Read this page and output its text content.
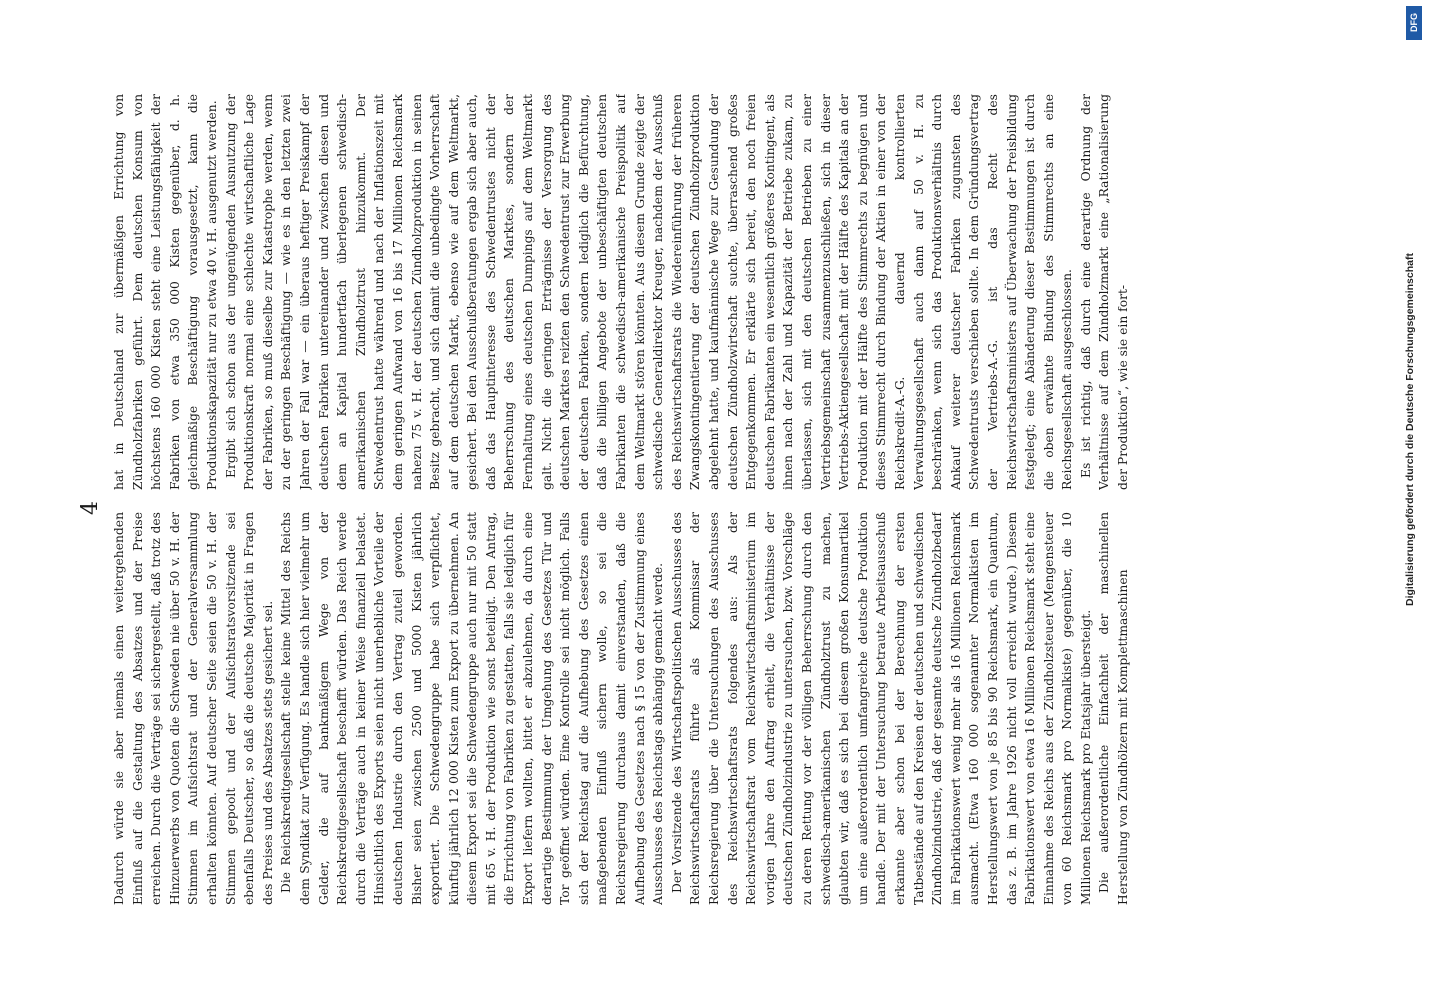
4

Dadurch würde sie aber niemals einen weitergehenden Einfluß auf die Gestaltung des Absatzes und der Preise erreichen. Durch die Verträge sei sichergestellt, daß trotz des Hinzuerwerbs von Quoten die Schweden nie über 50 v. H. der Stimmen im Aufsichtsrat und der Generalversammlung erhalten könnten. Auf deutscher Seite seien die 50 v. H. der Stimmen gepoolt und der Aufsichtsratsvorsitzende sei ebenfalls Deutscher, so daß die deutsche Majorität in Fragen des Preises und des Absatzes stets gesichert sei. Die Reichskreditgesellschaft stelle keine Mittel des Reichs dem Syndikat zur Verfügung. Es handle sich hier vielmehr um Gelder, die auf bankmäßigem Wege von der Reichskreditgesellschaft beschafft würden. Das Reich werde durch die Verträge auch in keiner Weise finanziell belastet. Hinsichtlich des Exports seien nicht unerhebliche Vorteile der deutschen Industrie durch den Vertrag zuteil geworden. Bisher seien zwischen 2500 und 5000 Kisten jährlich exportiert. Die Schwedengruppe habe sich verpflichtet, künftig jährlich 12 000 Kisten zum Export zu übernehmen. An diesem Export sei die Schwedengruppe auch nur mit 50 statt mit 65 v. H. der Produktion wie sonst beteiligt. Den Antrag, die Errichtung von Fabriken zu gestatten, falls sie lediglich für Export liefern wollten, bittet er abzulehnen, da durch eine derartige Bestimmung der Umgehung des Gesetzes Tür und Tor geöffnet würden. Eine Kontrolle sei nicht möglich. Falls sich der Reichstag auf die Aufhebung des Gesetzes einen maßgebenden Einfluß sichern wolle, so sei die Reichsregierung durchaus damit einverstanden, daß die Aufhebung des Gesetzes nach § 15 von der Zustimmung eines Ausschusses des Reichstags abhängig gemacht werde. Der Vorsitzende des Wirtschaftspolitischen Ausschusses des Reichswirtschaftsrats führte als Kommissar der Reichsregierung über die Untersuchungen des Ausschusses des Reichswirtschaftsrats folgendes aus: Als der Reichswirtschaftsrat vom Reichswirtschaftsministerium im vorigen Jahre den Auftrag erhielt, die Verhältnisse der deutschen Zündholzindustrie zu untersuchen, bzw. Vorschläge zu deren Rettung vor der völligen Beherrschung durch den schwedisch-amerikanischen Zündholztrust zu machen, glaubten wir, daß es sich bei diesem großen Konsumartikel um eine außerordentlich umfangreiche deutsche Produktion handle. Der mit der Untersuchung betraute Arbeitsausschuß erkannte aber schon bei der Berechnung der ersten Tatbestände auf den Kreisen der deutschen und schwedischen Zündholzindustrie, daß der gesamte deutsche Zündholzbedarf im Fabrikationswert wenig mehr als 16 Millionen Reichsmark ausmacht. (Etwa 160 000 sogenannter Normalkisten im Herstellungswert von je 85 bis 90 Reichsmark, ein Quantum, das z. B. im Jahre 1926 nicht voll erreicht wurde.) Diesem Fabrikationswert von etwa 16 Millionen Reichsmark steht eine Einnahme des Reichs aus der Zündholzsteuer (Mengensteuer von 60 Reichsmark pro Normalkiste) gegenüber, die 10 Millionen Reichsmark pro Etatsjahr übersteigt. Die außerordentliche Einfachheit der maschinellen Herstellung von Zündhölzern mit Komplettmaschinen

hat in Deutschland zur übermäßigen Errichtung von Zündholzfabriken geführt. Dem deutschen Konsum von höchstens 160 000 Kisten steht eine Leistungsfähigkeit der Fabriken von etwa 350 000 Kisten gegenüber, d. h. gleichmäßige Beschäftigung vorausgesetzt, kann die Produktionskapazität nur zu etwa 40 v. H. ausgenutzt werden. Ergibt sich schon aus der ungenügenden Ausnutzung der Produktionskraft normal eine schlechte wirtschaftliche Lage der Fabriken, so muß dieselbe zur Katastrophe werden, wenn zu der geringen Beschäftigung — wie es in den letzten zwei Jahren der Fall war — ein überaus heftiger Preiskampf der deutschen Fabriken untereinander und zwischen diesen und dem an Kapital hundertfach überlegenen schwedisch-amerikanischen Zündholztrust hinzukommt. Der Schwedentrust hatte während und nach der Inflationszeit mit dem geringen Aufwand von 16 bis 17 Millionen Reichsmark nahezu 75 v. H. der deutschen Zündholzproduktion in seinen Besitz gebracht, und sich damit die unbedingte Vorherrschaft auf dem deutschen Markt, ebenso wie auf dem Weltmarkt, gesichert. Bei den Ausschußberatungen ergab sich aber auch, daß das Hauptinteresse des Schwedentrustes nicht der Beherrschung des deutschen Marktes, sondern der Fernhaltung eines deutschen Dumpings auf dem Weltmarkt galt. Nicht die geringen Erträgnisse der Versorgung des deutschen Marktes reizten den Schwedentrust zur Erwerbung der deutschen Fabriken, sondern lediglich die Befürchtung, daß die billigen Angebote der unbeschäftigten deutschen Fabrikanten die schwedisch-amerikanische Preispolitik auf dem Weltmarkt stören könnten. Aus diesem Grunde zeigte der schwedische Generaldirektor Kreuger, nachdem der Ausschuß des Reichswirtschaftsrats die Wiedereinführung der früheren Zwangskontingentierung der deutschen Zündholzproduktion abgelehnt hatte, und kaufmännische Wege zur Gesundung der deutschen Zündholzwirtschaft suchte, überraschend großes Entgegenkommen. Er erklärte sich bereit, den noch freien deutschen Fabrikanten ein wesentlich größeres Kontingent, als ihnen nach der Zahl und Kapazität der Betriebe zukam, zu überlassen, sich mit den deutschen Betrieben zu einer Vertriebsgemeinschaft zusammenzuschließen, sich in dieser Vertriebs-Aktiengesellschaft mit der Hälfte des Kapitals an der Produktion mit der Hälfte des Stimmrechts zu begnügen und dieses Stimmrecht durch Bindung der Aktien in einer von der Reichskredit-A.-G. dauernd kontrollierten Verwaltungsgesellschaft auch dann auf 50 v. H. zu beschränken, wenn sich das Produktionsverhältnis durch Ankauf weiterer deutscher Fabriken zugunsten des Schwedentrusts verschieben sollte. In dem Gründungsvertrag der Vertriebs-A.-G. ist das Recht des Reichswirtschaftsministers auf Überwachung der Preisbildung festgelegt; eine Abänderung dieser Bestimmungen ist durch die oben erwähnte Bindung des Stimmrechts an eine Reichsgesellschaft ausgeschlossen. Es ist richtig, daß durch eine derartige Ordnung der Verhältnisse auf dem Zündholzmarkt eine „Rationalisierung der Produktion“, wie sie ein fort-

DFG
Digitalisierung gefördert durch die Deutsche Forschungsgemeinschaft
